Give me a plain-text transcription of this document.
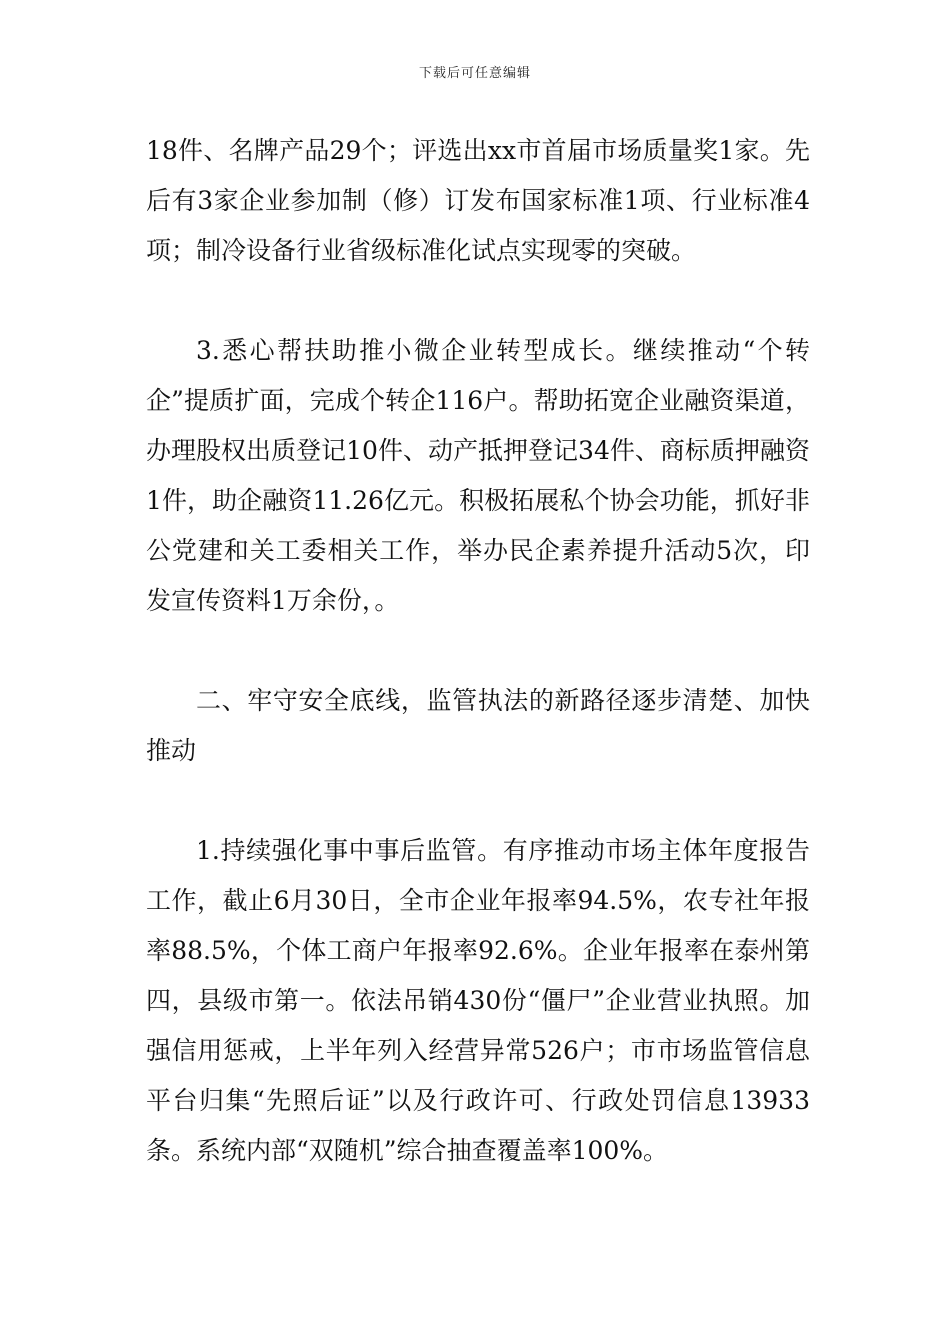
下载后可任意编辑

18件、名牌产品29个；评选出xx市首届市场质量奖1家。先后有3家企业参加制（修）订发布国家标准1项、行业标准4项；制冷设备行业省级标准化试点实现零的突破。

3.悉心帮扶助推小微企业转型成长。继续推动“个转企”提质扩面，完成个转企116户。帮助拓宽企业融资渠道，办理股权出质登记10件、动产抵押登记34件、商标质押融资1件，助企融资11.26亿元。积极拓展私个协会功能，抓好非公党建和关工委相关工作，举办民企素养提升活动5次，印发宣传资料1万余份，。

二、牢守安全底线，监管执法的新路径逐步清楚、加快推动

1.持续强化事中事后监管。有序推动市场主体年度报告工作，截止6月30日，全市企业年报率94.5%，农专社年报率88.5%，个体工商户年报率92.6%。企业年报率在泰州第四，县级市第一。依法吊销430份“僵尸”企业营业执照。加强信用惩戒，上半年列入经营异常526户；市市场监管信息平台归集“先照后证”以及行政许可、行政处罚信息13933条。系统内部“双随机”综合抽查覆盖率100%。
